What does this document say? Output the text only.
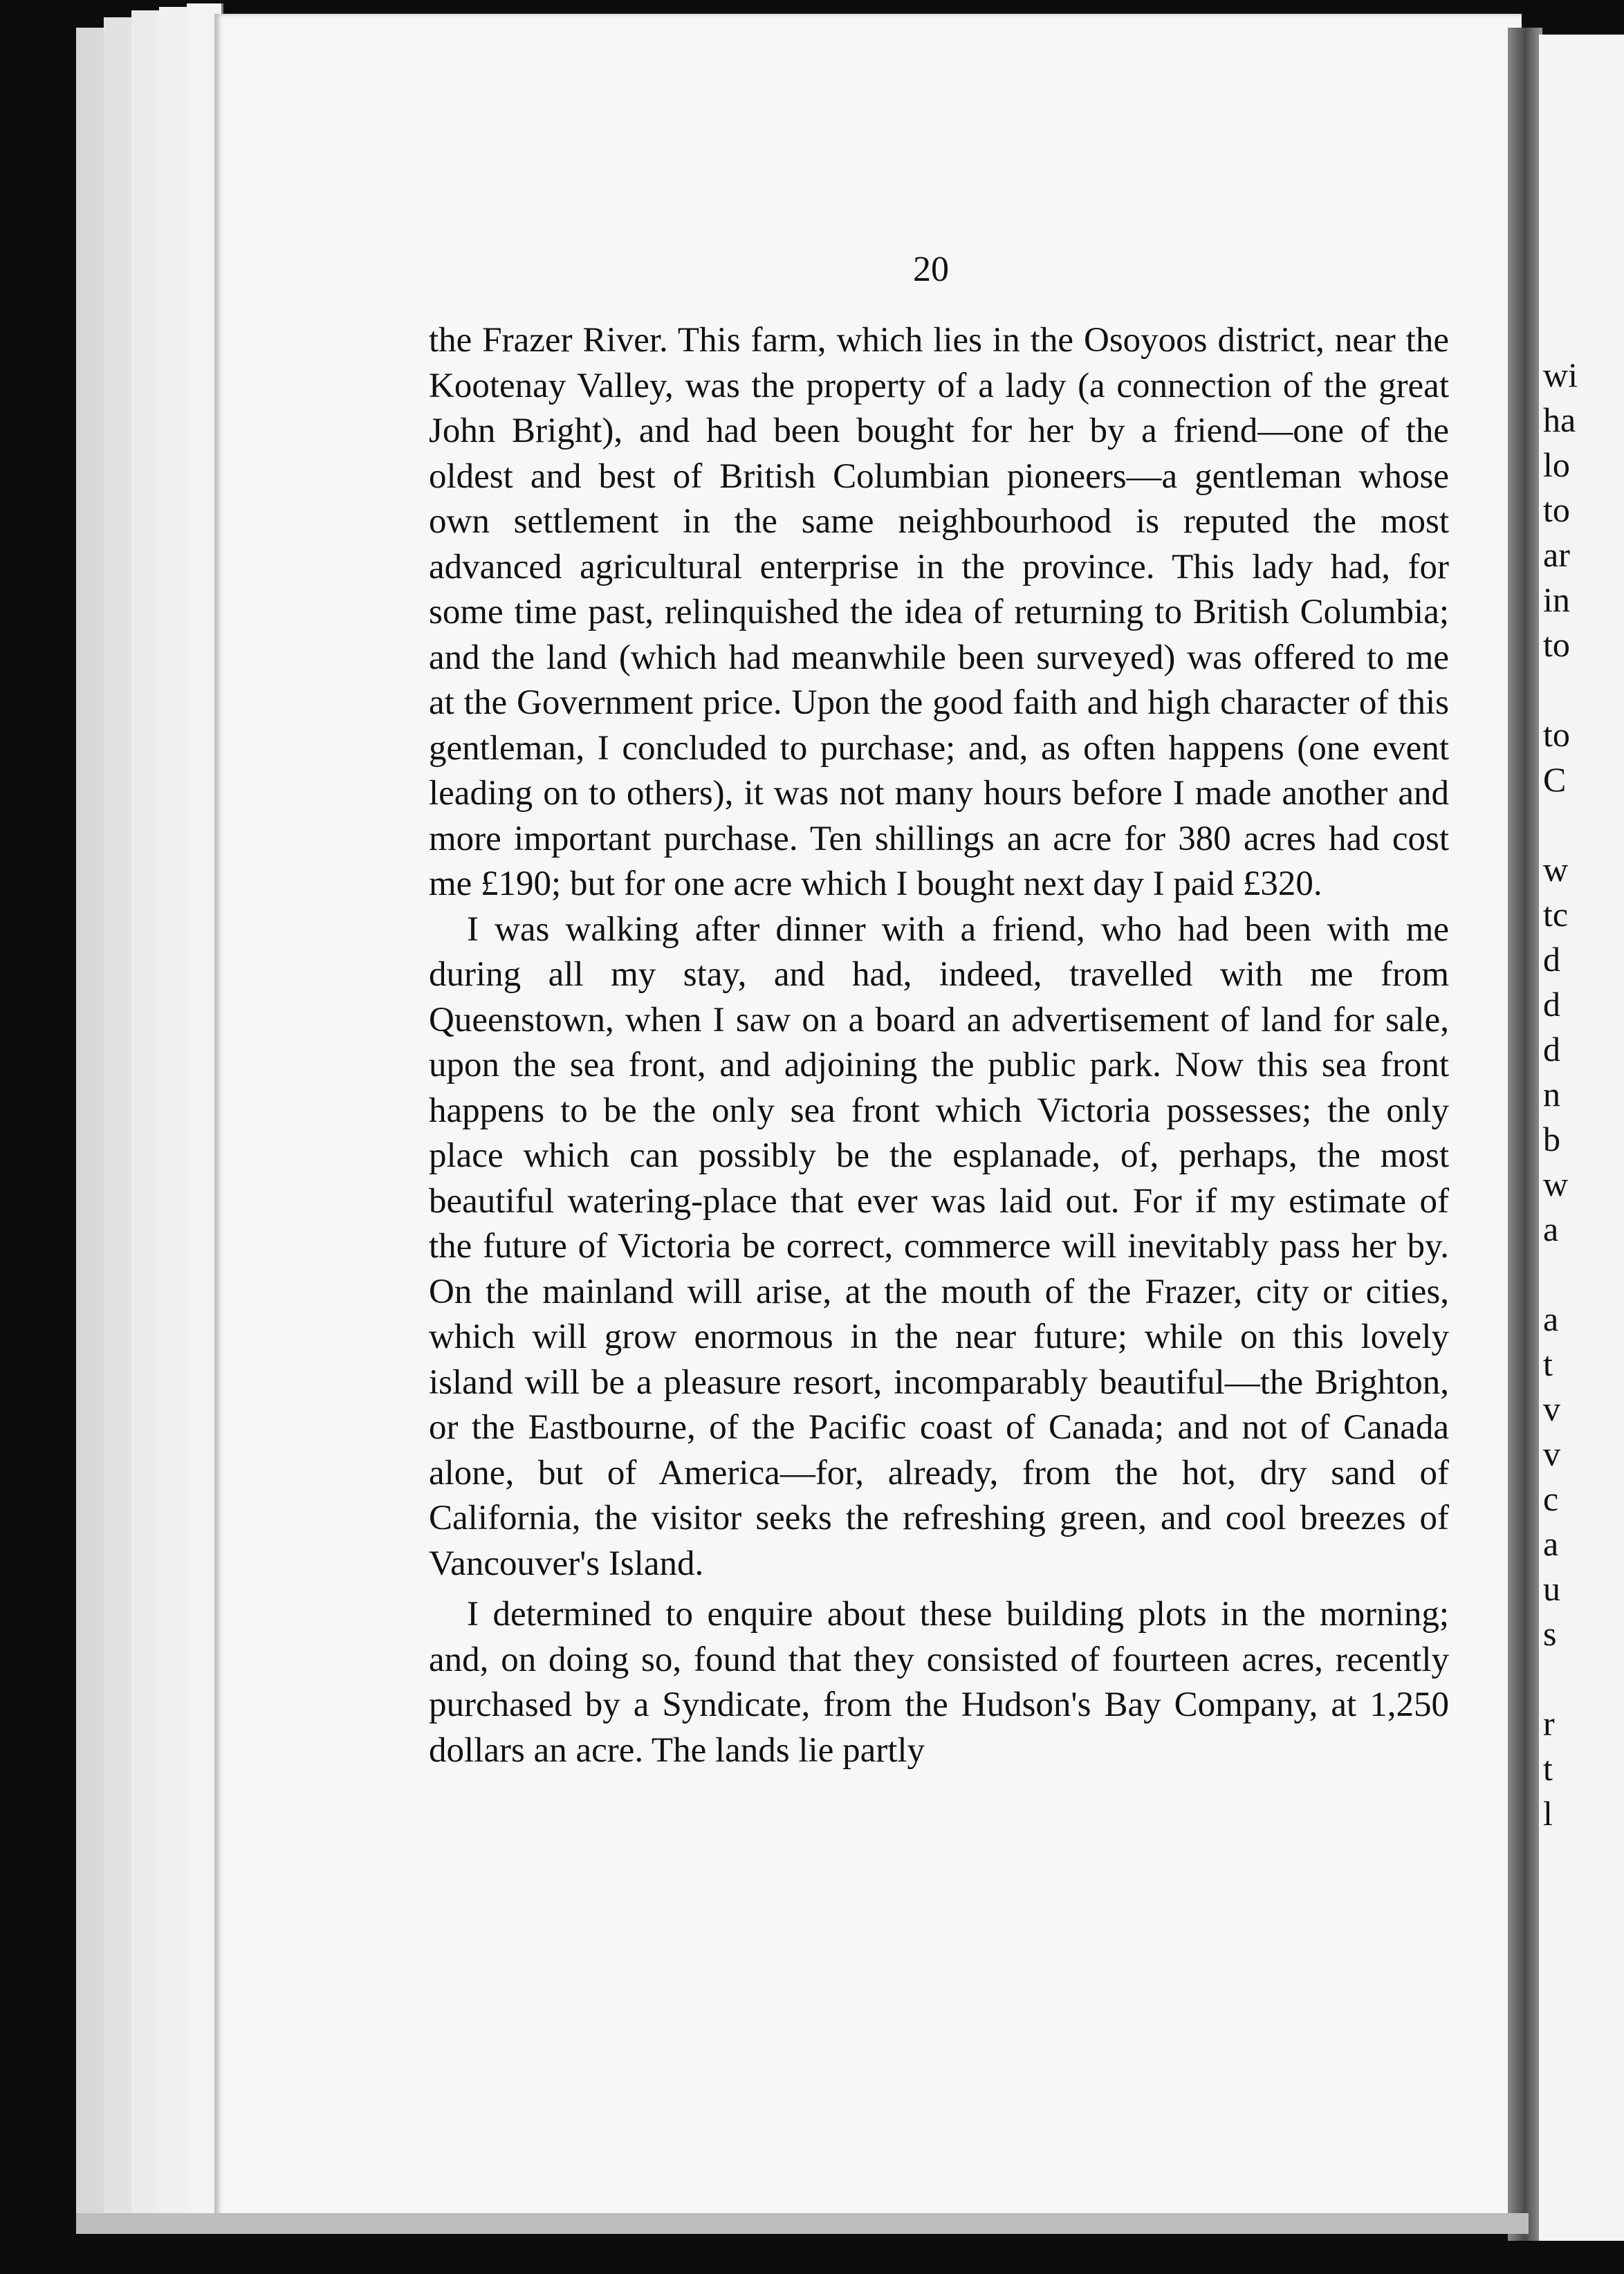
20

the Frazer River. This farm, which lies in the Osoyoos district, near the Kootenay Valley, was the property of a lady (a connection of the great John Bright), and had been bought for her by a friend—one of the oldest and best of British Columbian pioneers—a gentleman whose own settlement in the same neighbourhood is reputed the most advanced agricultural enterprise in the province. This lady had, for some time past, relinquished the idea of returning to British Columbia; and the land (which had meanwhile been surveyed) was offered to me at the Government price. Upon the good faith and high character of this gentleman, I concluded to purchase; and, as often happens (one event leading on to others), it was not many hours before I made another and more important purchase. Ten shillings an acre for 380 acres had cost me £190; but for one acre which I bought next day I paid £320.

I was walking after dinner with a friend, who had been with me during all my stay, and had, indeed, travelled with me from Queenstown, when I saw on a board an advertisement of land for sale, upon the sea front, and adjoining the public park. Now this sea front happens to be the only sea front which Victoria possesses; the only place which can possibly be the esplanade, of, perhaps, the most beautiful watering-place that ever was laid out. For if my estimate of the future of Victoria be correct, commerce will inevitably pass her by. On the mainland will arise, at the mouth of the Frazer, city or cities, which will grow enormous in the near future; while on this lovely island will be a pleasure resort, incomparably beautiful—the Brighton, or the Eastbourne, of the Pacific coast of Canada; and not of Canada alone, but of America—for, already, from the hot, dry sand of California, the visitor seeks the refreshing green, and cool breezes of Vancouver's Island.

I determined to enquire about these building plots in the morning; and, on doing so, found that they consisted of fourteen acres, recently purchased by a Syndicate, from the Hudson's Bay Company, at 1,250 dollars an acre. The lands lie partly

wi
ha
lo
to
ar
in
to

to
C

w
tc
d
d
d
n
b
w
a

a
t
v
v
c
a
u
s

r
t
l
